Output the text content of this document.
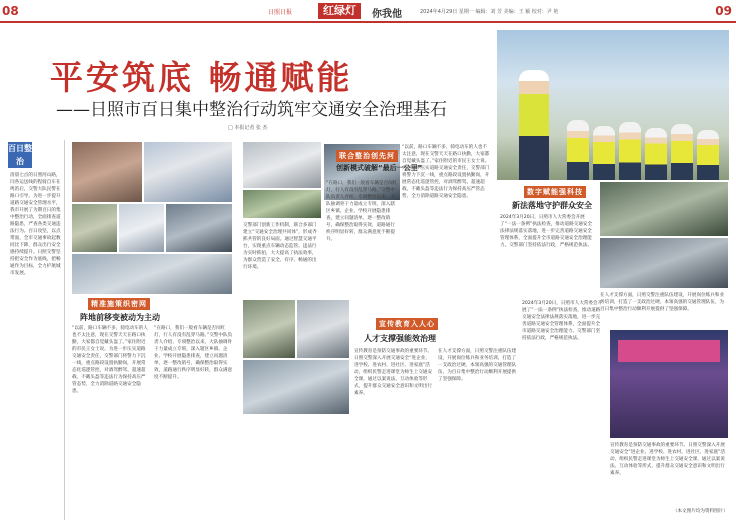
08	日照日报	红绿灯	你我他	2024年4月29日 星期一 编辑：刘 芳 美编：王 颖 校对：尹 艳	09
平安筑底 畅通赋能
——日照市百日集中整治行动筑牢交通安全治理基石
□ 本报记者 张 杰
百日整治
清晨七点的日照河山路，闫各运送线的程骑自车在鸣笛后，交警大队民警在路口引导。为进一步提升道路交通安全管理水平，我市开展了为期百日的集中整治行动，全面排查道路隐患，严查各类交通违法行为。百日攻坚，以点带面，全市交通事故起数同比下降，群众出行安全感持续提升。日照交警坚持把安全作为底线，把畅通作为目标，全力护航城市发展。
精准施策织密网
阵地前移变被动为主动
“以前，路口车辆不多，骑电动车的人也不太注意，现在交警天天在路口执勤，大家都自觉戴头盔了。”家住附近的市民王女士说。为进一步压实道路交通安全责任，交警部门将警力下沉一线，重点路段设置执勤岗，开展常态化巡逻管控，对酒驾醉驾、超速超载、不戴头盔等违法行为保持高压严管态势，全力消除道路交通安全隐患。
“在路口，我们一般看车辆是否闯红灯，行人有没有乱穿马路。”交警中队负责人介绍，专项整治以来，大队抽调骨干力量成立专班，深入辖区乡镇、企业、学校开展隐患排查，建立问题清单，逐一整改销号，确保整治取得实效，道路通行秩序明显好转，群众满意度不断提升。
联合整治创先河
创新模式破解“最后一公里”
交警部门创新工作机制，联合多部门建立“交通安全治理共同体”，形成齐抓共管的良好局面。通过智慧交通平台，实现重点车辆动态监管、违法行为实时抓拍，大大提高了执法效率，为群众营造了安全、有序、畅通的出行环境。
“在路口，我们一般看车辆是否闯红灯，行人有没有乱穿马路。”交警中队负责人介绍，专项整治以来，大队抽调骨干力量成立专班，深入辖区乡镇、企业、学校开展隐患排查，建立问题清单，逐一整改销号，确保整治取得实效，道路通行秩序明显好转，群众满意度不断提升。
“以前，路口车辆不多，骑电动车的人也不太注意，现在交警天天在路口执勤，大家都自觉戴头盔了。”家住附近的市民王女士说。为进一步压实道路交通安全责任，交警部门将警力下沉一线，重点路段设置执勤岗，开展常态化巡逻管控，对酒驾醉驾、超速超载、不戴头盔等违法行为保持高压严管态势，全力消除道路交通安全隐患。
宣传教育入人心
人才支撑强能效治理
宣传教育是预防交通事故的重要环节。日照交警深入开展交通安全“进企业、进学校、进农村、进社区、进家庭”活动，组织民警走进课堂为师生上交通安全课，通过以案说法、互动体验等形式，提升群众交通安全意识和文明出行素养。
在人才支撑方面，日照交警注重队伍建设，开展岗位练兵和业务培训，打造了一支政治过硬、本领高强的交通管理队伍，为百日集中整治行动顺利开展提供了坚强保障。
2024年3月20日，日照市人大常委会开展了“一法一条例”执法检查，推动道路交通安全法律法规落实落地，进一步完善道路交通安全管理体系，全面提升全市道路交通安全治理能力。交警部门坚持依法行政，严格规范执法。
数字赋能强科技
新法落地守护群众安全
2024年3月20日，日照市人大常委会开展了“一法一条例”执法检查，推动道路交通安全法律法规落实落地，进一步完善道路交通安全管理体系，全面提升全市道路交通安全治理能力。交警部门坚持依法行政，严格规范执法。
在人才支撑方面，日照交警注重队伍建设，开展岗位练兵和业务培训，打造了一支政治过硬、本领高强的交通管理队伍，为百日集中整治行动顺利开展提供了坚强保障。
宣传教育是预防交通事故的重要环节。日照交警深入开展交通安全“进企业、进学校、进农村、进社区、进家庭”活动，组织民警走进课堂为师生上交通安全课，通过以案说法、互动体验等形式，提升群众交通安全意识和文明出行素养。
（本文图片均为资料图片）
